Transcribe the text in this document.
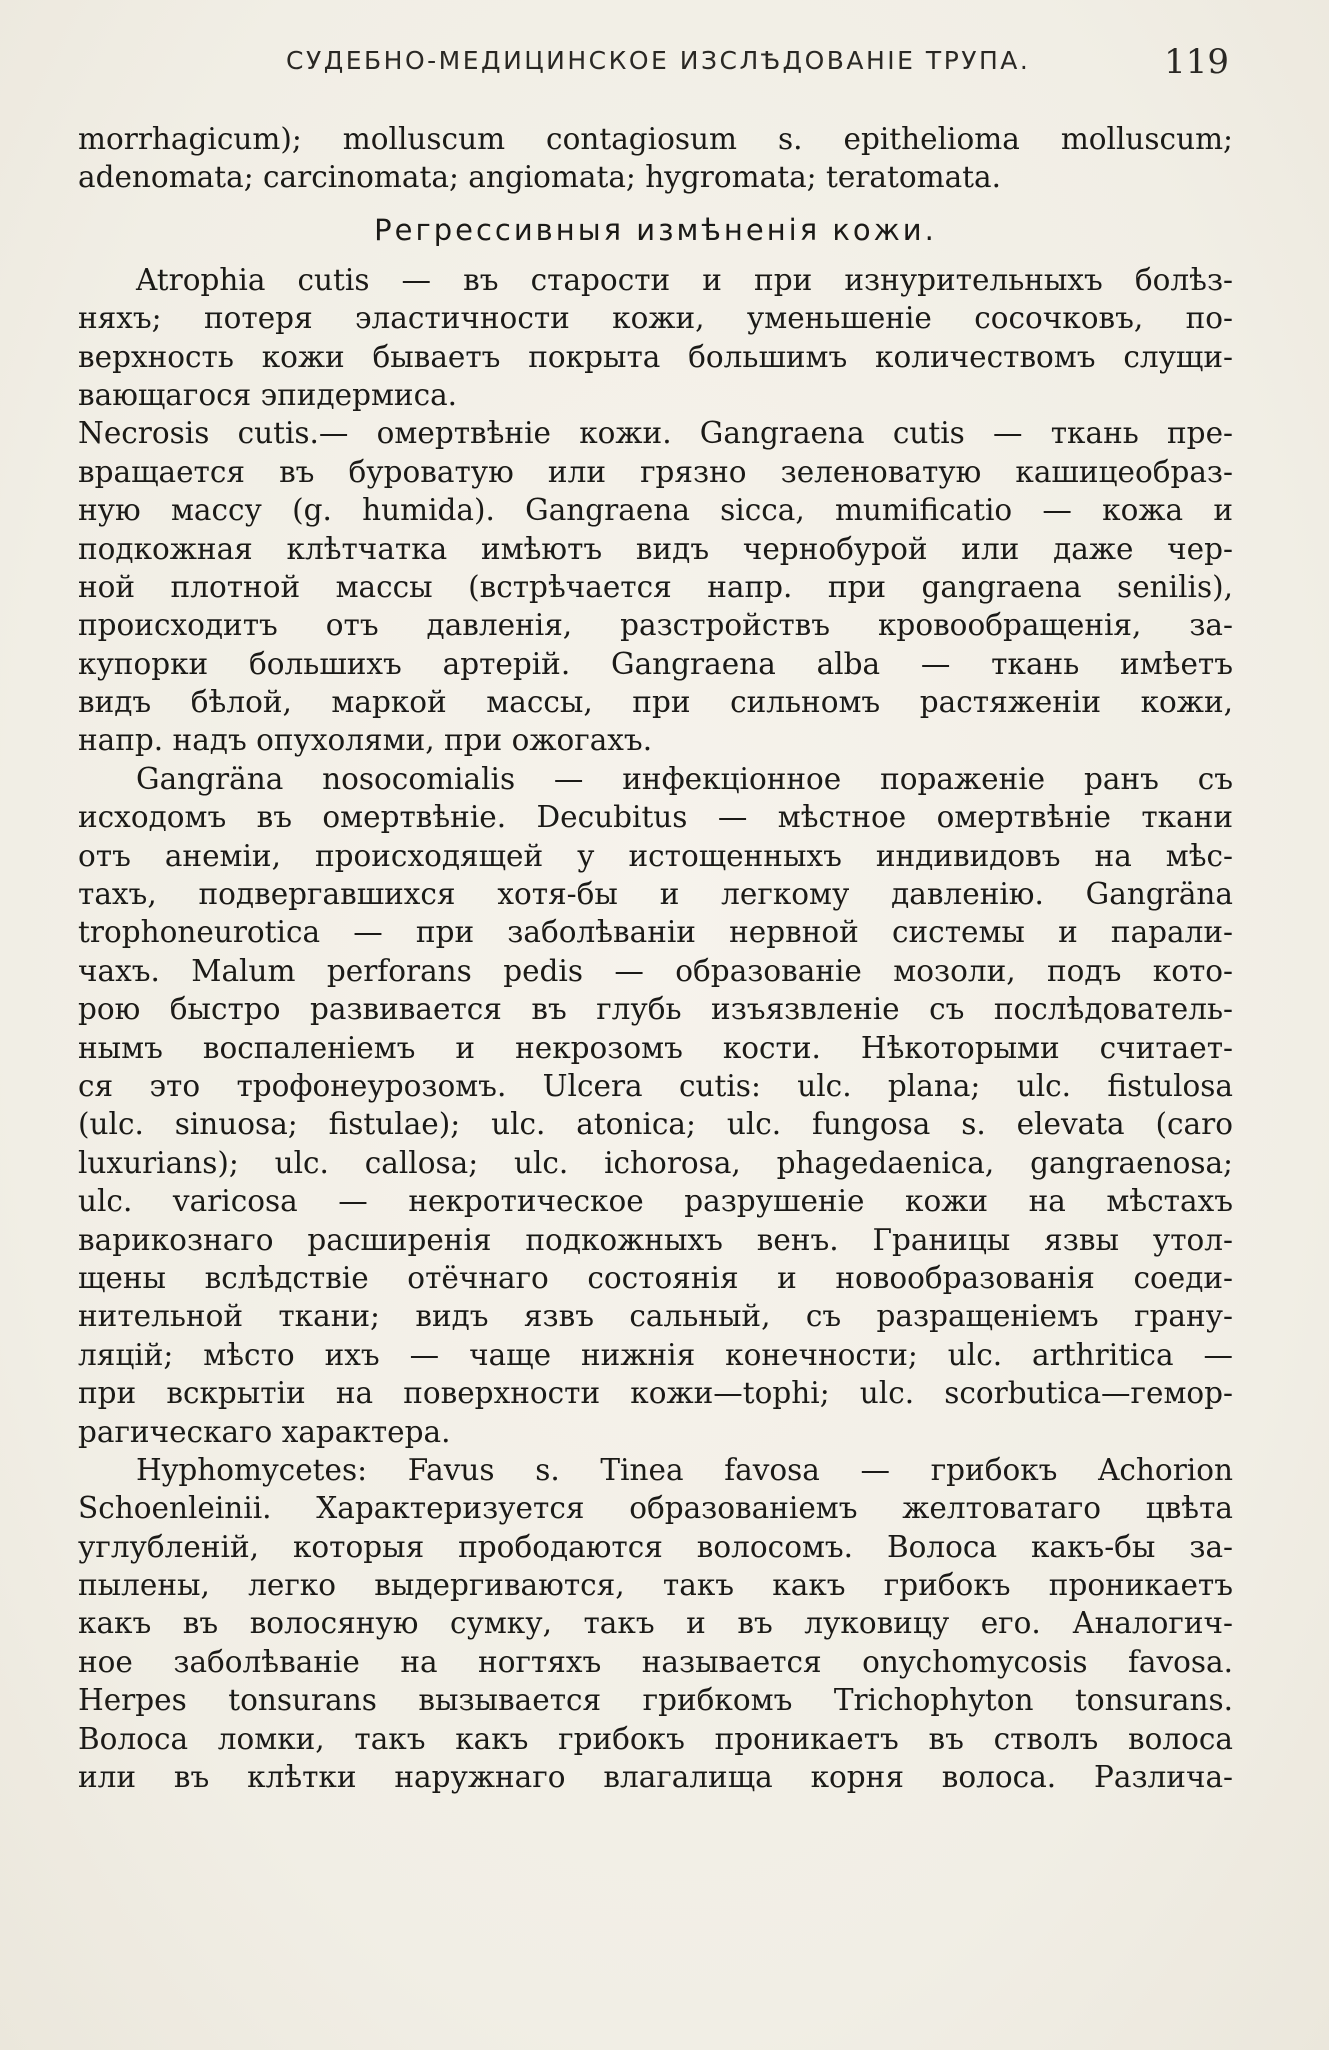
СУДЕБНО-МЕДИЦИНСКОЕ ИЗСЛѢДОВАНІЕ ТРУПА.	119
morrhagicum); molluscum contagiosum s. epithelioma molluscum;
adenomata; carcinomata; angiomata; hygromata; teratomata.
Регрессивныя измѣненія кожи.
Atrophia cutis — въ старости и при изнурительныхъ болѣз-
няхъ; потеря эластичности кожи, уменьшеніе сосочковъ, по-
верхность кожи бываетъ покрыта большимъ количествомъ слущи-
вающагося эпидермиса.
Necrosis cutis.— омертвѣніе кожи. Gangraena cutis — ткань пре-
вращается въ буроватую или грязно зеленоватую кашицеобраз-
ную массу (g. humida). Gangraena sicca, mumificatio — кожа и
подкожная клѣтчатка имѣютъ видъ чернобурой или даже чер-
ной плотной массы (встрѣчается напр. при gangraena senilis),
происходитъ отъ давленія, разстройствъ кровообращенія, за-
купорки большихъ артерій. Gangraena alba — ткань имѣетъ
видъ бѣлой, маркой массы, при сильномъ растяженіи кожи,
напр. надъ опухолями, при ожогахъ.
Gangräna nosocomialis — инфекціонное пораженіе ранъ съ
исходомъ въ омертвѣніе. Decubitus — мѣстное омертвѣніе ткани
отъ анеміи, происходящей у истощенныхъ индивидовъ на мѣс-
тахъ, подвергавшихся хотя-бы и легкому давленію. Gangräna
trophoneurotica — при заболѣваніи нервной системы и парали-
чахъ. Malum perforans pedis — образованіе мозоли, подъ кото-
рою быстро развивается въ глубь изъязвленіе съ послѣдователь-
нымъ воспаленіемъ и некрозомъ кости. Нѣкоторыми считает-
ся это трофонеурозомъ. Ulcera cutis: ulc. plana; ulc. fistulosa
(ulc. sinuosa; fistulae); ulc. atonica; ulc. fungosa s. elevata (caro
luxurians); ulc. callosa; ulc. ichorosa, phagedaenica, gangraenosa;
ulc. varicosa — некротическое разрушеніе кожи на мѣстахъ
варикознаго расширенія подкожныхъ венъ. Границы язвы утол-
щены вслѣдствіе отёчнаго состоянія и новообразованія соеди-
нительной ткани; видъ язвъ сальный, съ разращеніемъ грану-
ляцій; мѣсто ихъ — чаще нижнія конечности; ulc. arthritica —
при вскрытіи на поверхности кожи—tophi; ulc. scorbutica—гемор-
рагическаго характера.
Hyphomycetes: Favus s. Tinea favosa — грибокъ Achorion
Schoenleinii. Характеризуется образованіемъ желтоватаго цвѣта
углубленій, которыя прободаются волосомъ. Волоса какъ-бы за-
пылены, легко выдергиваются, такъ какъ грибокъ проникаетъ
какъ въ волосяную сумку, такъ и въ луковицу его. Аналогич-
ное заболѣваніе на ногтяхъ называется onychomycosis favosa.
Herpes tonsurans вызывается грибкомъ Trichophyton tonsurans.
Волоса ломки, такъ какъ грибокъ проникаетъ въ стволъ волоса
или въ клѣтки наружнаго влагалища корня волоса. Различа-
